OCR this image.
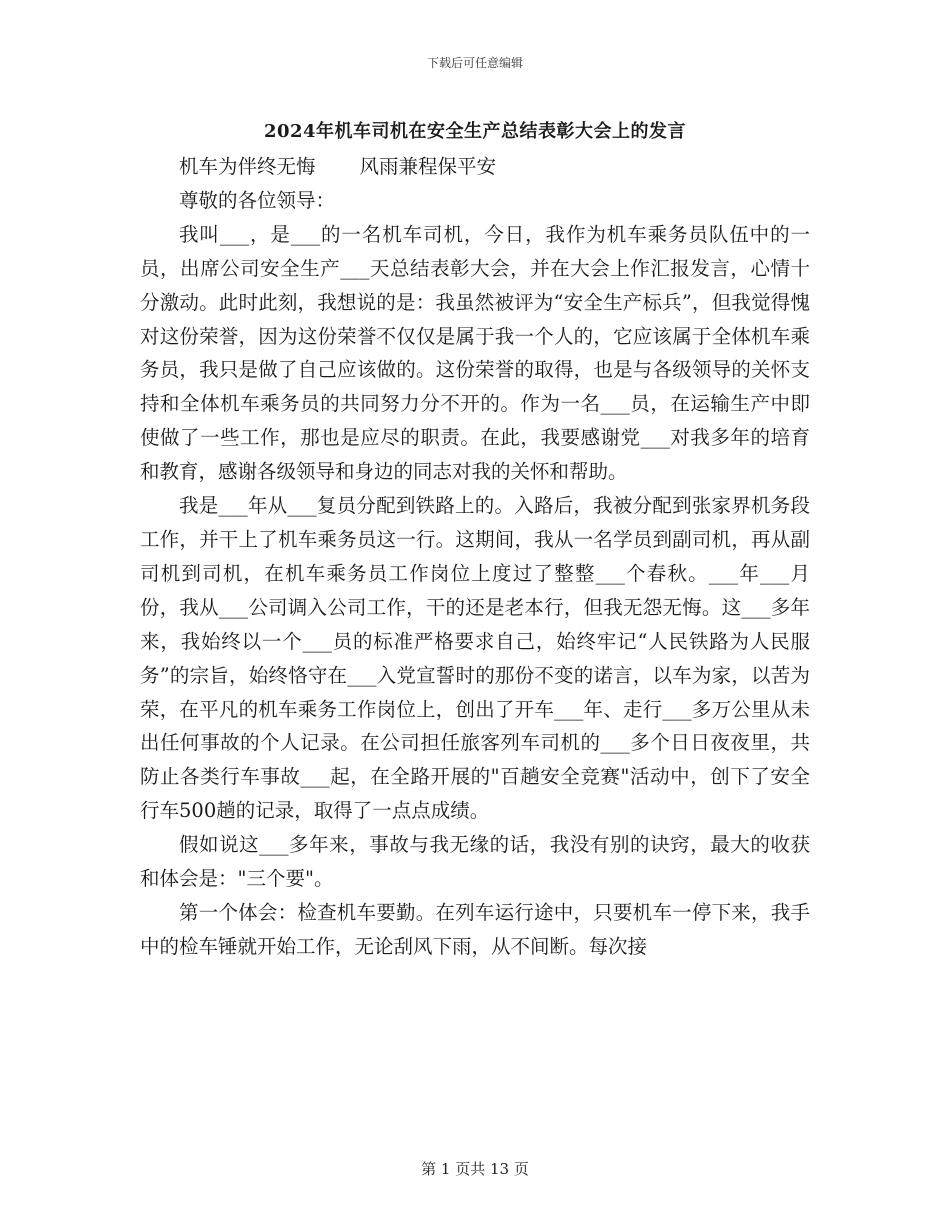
下载后可任意编辑
2024年机车司机在安全生产总结表彰大会上的发言

机车为伴终无悔 风雨兼程保平安

尊敬的各位领导：

我叫___，是___的一名机车司机，今日，我作为机车乘务员队伍中的一员，出席公司安全生产___天总结表彰大会，并在大会上作汇报发言，心情十分激动。此时此刻，我想说的是：我虽然被评为“安全生产标兵”，但我觉得愧对这份荣誉，因为这份荣誉不仅仅是属于我一个人的，它应该属于全体机车乘务员，我只是做了自己应该做的。这份荣誉的取得，也是与各级领导的关怀支持和全体机车乘务员的共同努力分不开的。作为一名___员，在运输生产中即使做了一些工作，那也是应尽的职责。在此，我要感谢党___对我多年的培育和教育，感谢各级领导和身边的同志对我的关怀和帮助。

我是___年从___复员分配到铁路上的。入路后，我被分配到张家界机务段工作，并干上了机车乘务员这一行。这期间，我从一名学员到副司机，再从副司机到司机，在机车乘务员工作岗位上度过了整整___个春秋。___年___月份，我从___公司调入公司工作，干的还是老本行，但我无怨无悔。这___多年来，我始终以一个___员的标准严格要求自己，始终牢记“人民铁路为人民服务”的宗旨，始终恪守在___入党宣誓时的那份不变的诺言，以车为家，以苦为荣，在平凡的机车乘务工作岗位上，创出了开车___年、走行___多万公里从未出任何事故的个人记录。在公司担任旅客列车司机的___多个日日夜夜里，共防止各类行车事故___起，在全路开展的"百趟安全竞赛"活动中，创下了安全行车500趟的记录，取得了一点点成绩。

假如说这___多年来，事故与我无缘的话，我没有别的诀窍，最大的收获和体会是："三个要"。

第一个体会：检查机车要勤。在列车运行途中，只要机车一停下来，我手中的检车锤就开始工作，无论刮风下雨，从不间断。每次接

第 1 页共 13 页
